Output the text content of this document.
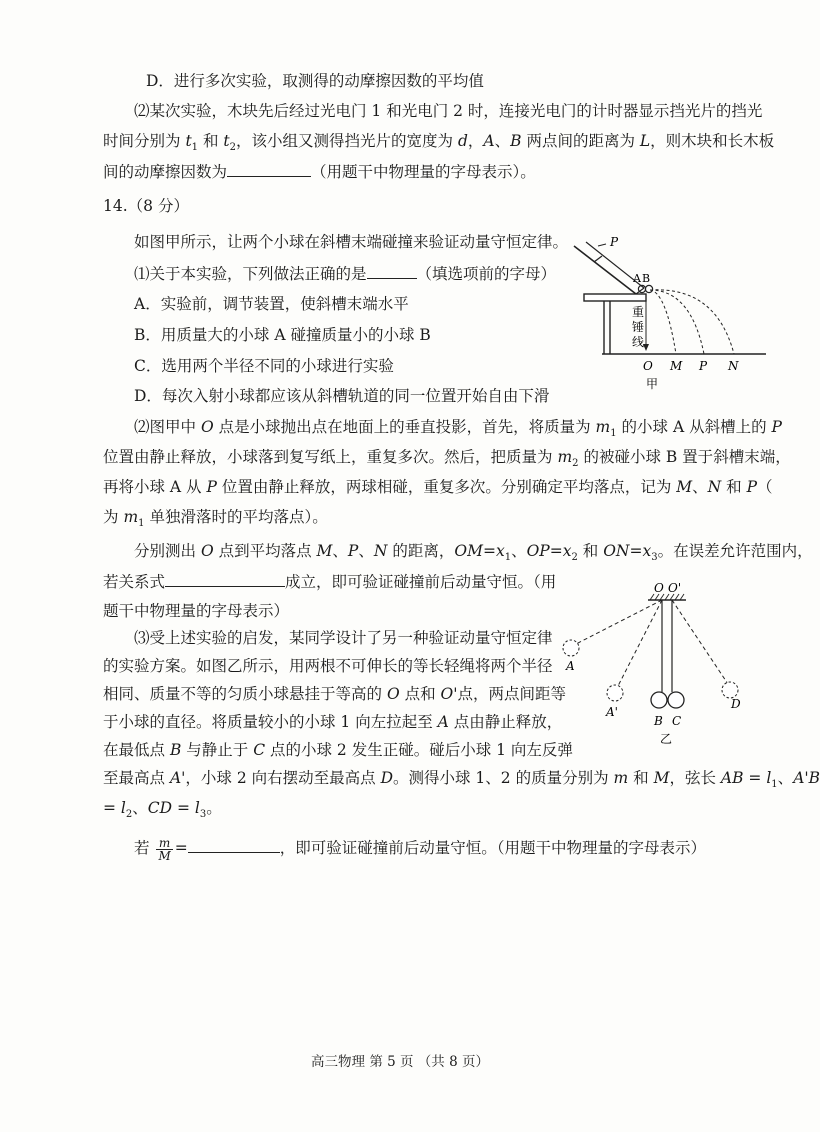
D．进行多次实验，取测得的动摩擦因数的平均值
⑵某次实验，木块先后经过光电门 1 和光电门 2 时，连接光电门的计时器显示挡光片的挡光
时间分别为 $t_1$ 和 $t_2$，该小组又测得挡光片的宽度为 d，A、B 两点间的距离为 L，则木块和长木板
间的动摩擦因数为	（用题干中物理量的字母表示）。
14.（8 分）
如图甲所示，让两个小球在斜槽末端碰撞来验证动量守恒定律。
⑴关于本实验，下列做法正确的是	（填选项前的字母）
A．实验前，调节装置，使斜槽末端水平
B．用质量大的小球 A 碰撞质量小的小球 B
C．选用两个半径不同的小球进行实验
D．每次入射小球都应该从斜槽轨道的同一位置开始自由下滑
P
A B
重
锤
线
O M P N
甲
⑵图甲中 O 点是小球抛出点在地面上的垂直投影，首先，将质量为 $m_1$ 的小球 A 从斜槽上的 P
位置由静止释放，小球落到复写纸上，重复多次。然后，把质量为 $m_2$ 的被碰小球 B 置于斜槽末端，
再将小球 A 从 P 位置由静止释放，两球相碰，重复多次。分别确定平均落点，记为 M、N 和 P（
为 $m_1$ 单独滑落时的平均落点）。
分别测出 O 点到平均落点 M、P、N 的距离，$OM=x_1$、$OP=x_2$ 和 $ON=x_3$。在误差允许范围内，
若关系式	成立，即可验证碰撞前后动量守恒。（用
题干中物理量的字母表示）
O O'
A
A'
B C
D
乙
⑶受上述实验的启发，某同学设计了另一种验证动量守恒定律
的实验方案。如图乙所示，用两根不可伸长的等长轻绳将两个半径
相同、质量不等的匀质小球悬挂于等高的 O 点和 O'点，两点间距等
于小球的直径。将质量较小的小球 1 向左拉起至 A 点由静止释放，
在最低点 B 与静止于 C 点的小球 2 发生正碰。碰后小球 1 向左反弹
至最高点 A'，小球 2 向右摆动至最高点 D。测得小球 1、2 的质量分别为 m 和 M，弦长 AB = $l_1$、A'B
= $l_2$、CD = $l_3$。
若 $\frac{m}{M}$ =	，即可验证碰撞前后动量守恒。（用题干中物理量的字母表示）
高三物理 第 5 页 （共 8 页）
